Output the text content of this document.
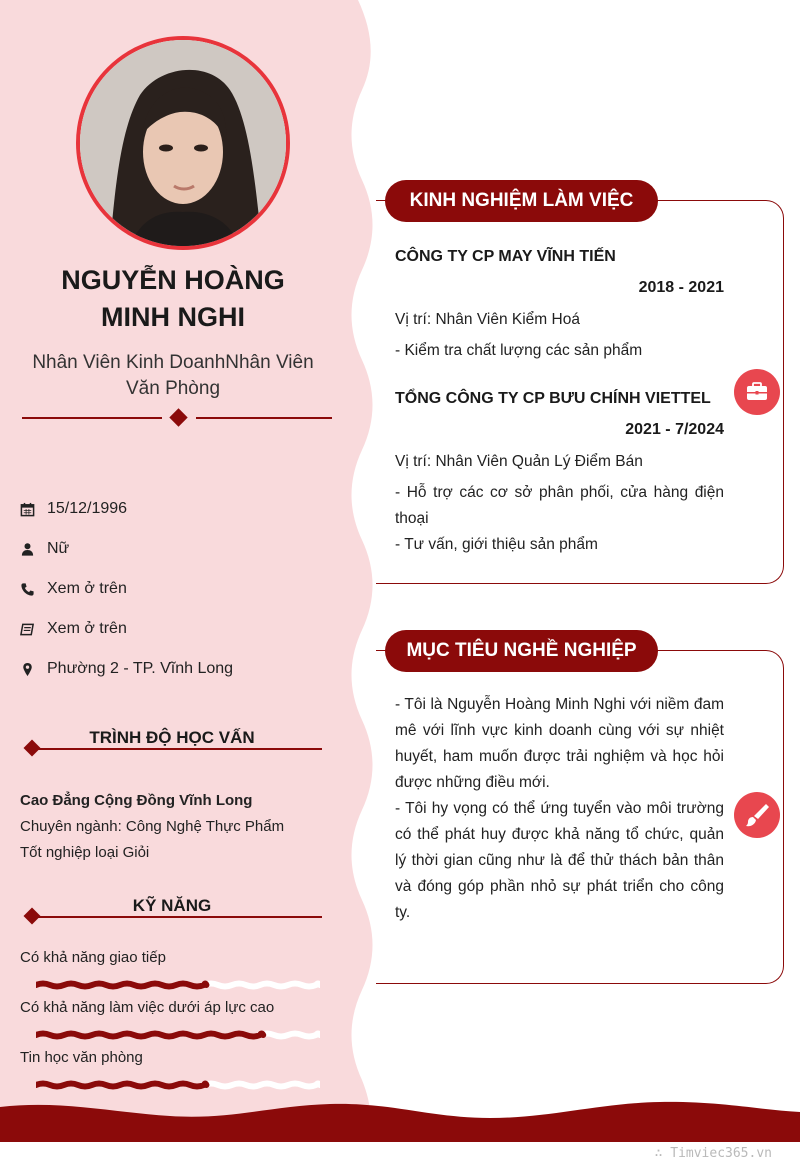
∴ Timviec365.vn
NGUYỄN HOÀNG
MINH NGHI
Nhân Viên Kinh DoanhNhân Viên
Văn Phòng
15/12/1996
Nữ
Xem ở trên
Xem ở trên
Phường 2 - TP. Vĩnh Long
TRÌNH ĐỘ HỌC VẤN
Cao Đẳng Cộng Đồng Vĩnh Long
Chuyên ngành: Công Nghệ Thực Phẩm
Tốt nghiệp loại Giỏi
KỸ NĂNG
Có khả năng giao tiếp
Có khả năng làm việc dưới áp lực cao
Tin học văn phòng
KINH NGHIỆM LÀM VIỆC
CÔNG TY CP MAY VĨNH TIẾN
2018 - 2021
Vị trí: Nhân Viên Kiểm Hoá
- Kiểm tra chất lượng các sản phẩm
TỔNG CÔNG TY CP BƯU CHÍNH VIETTEL
2021 - 7/2024
Vị trí: Nhân Viên Quản Lý Điểm Bán
- Hỗ trợ các cơ sở phân phối, cửa hàng điện thoại
- Tư vấn, giới thiệu sản phẩm
MỤC TIÊU NGHỀ NGHIỆP
- Tôi là Nguyễn Hoàng Minh Nghi với niềm đam mê với lĩnh vực kinh doanh cùng với sự nhiệt huyết, ham muốn được trải nghiệm và học hỏi được những điều mới.
- Tôi hy vọng có thể ứng tuyển vào môi trường có thể phát huy được khả năng tổ chức, quản lý thời gian cũng như là để thử thách bản thân và đóng góp phần nhỏ sự phát triển cho công ty.
